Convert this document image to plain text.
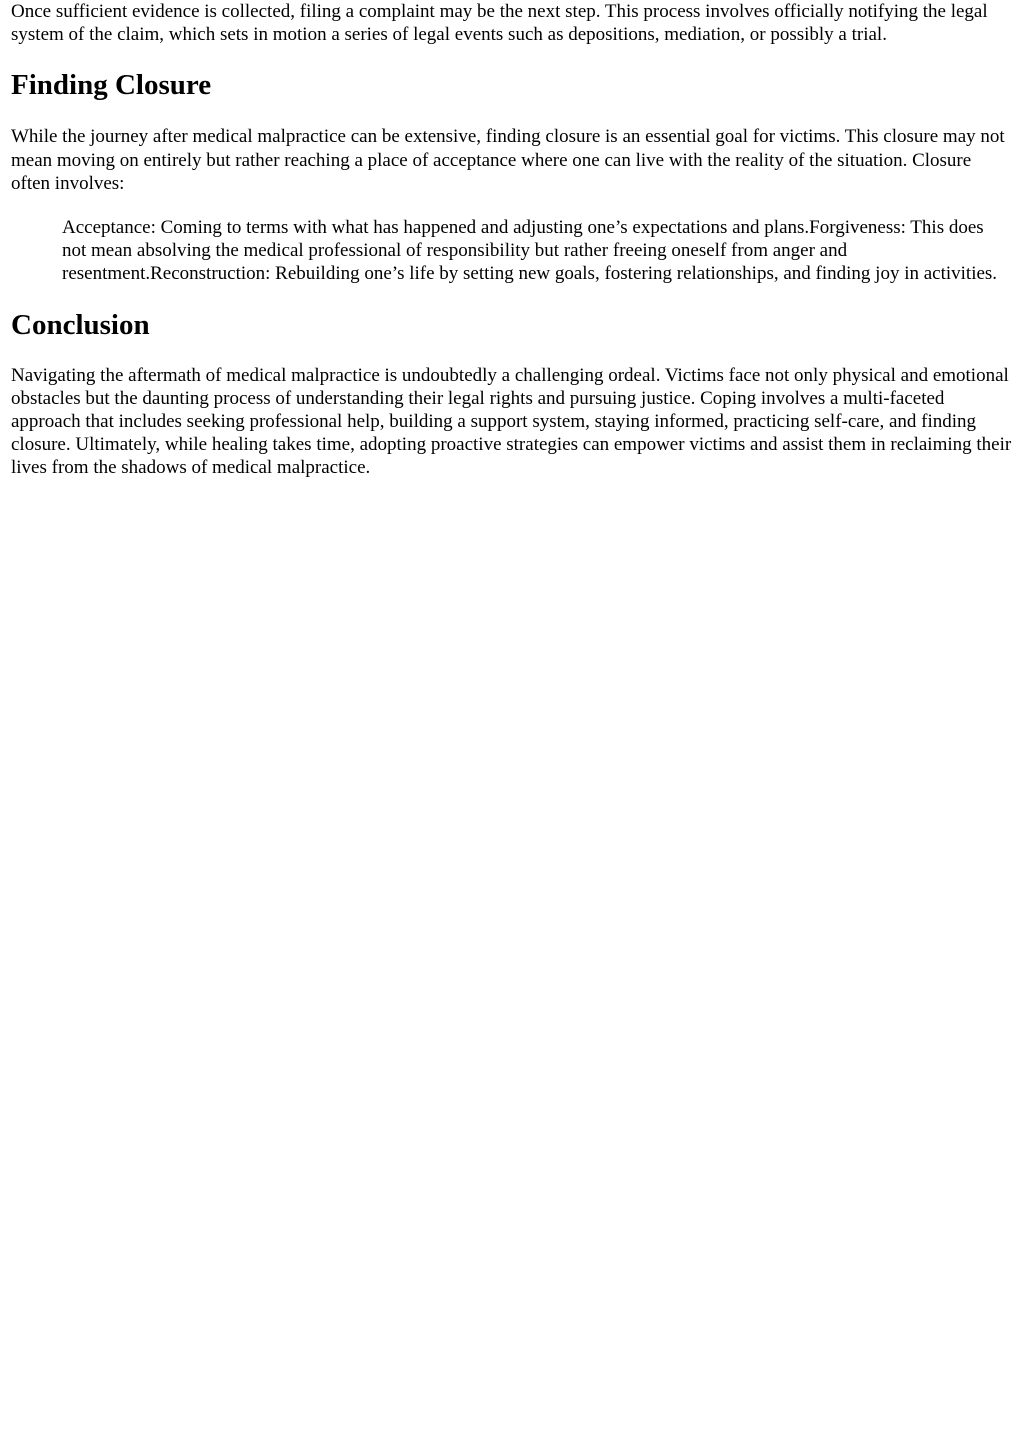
Once sufficient evidence is collected, filing a complaint may be the next step. This process involves officially notifying the legal system of the claim, which sets in motion a series of legal events such as depositions, mediation, or possibly a trial.

Finding Closure

While the journey after medical malpractice can be extensive, finding closure is an essential goal for victims. This closure may not mean moving on entirely but rather reaching a place of acceptance where one can live with the reality of the situation. Closure often involves:

Acceptance: Coming to terms with what has happened and adjusting one’s expectations and plans.Forgiveness: This does not mean absolving the medical professional of responsibility but rather freeing oneself from anger and resentment.Reconstruction: Rebuilding one’s life by setting new goals, fostering relationships, and finding joy in activities.
Conclusion

Navigating the aftermath of medical malpractice is undoubtedly a challenging ordeal. Victims face not only physical and emotional obstacles but the daunting process of understanding their legal rights and pursuing justice. Coping involves a multi-faceted approach that includes seeking professional help, building a support system, staying informed, practicing self-care, and finding closure. Ultimately, while healing takes time, adopting proactive strategies can empower victims and assist them in reclaiming their lives from the shadows of medical malpractice.
